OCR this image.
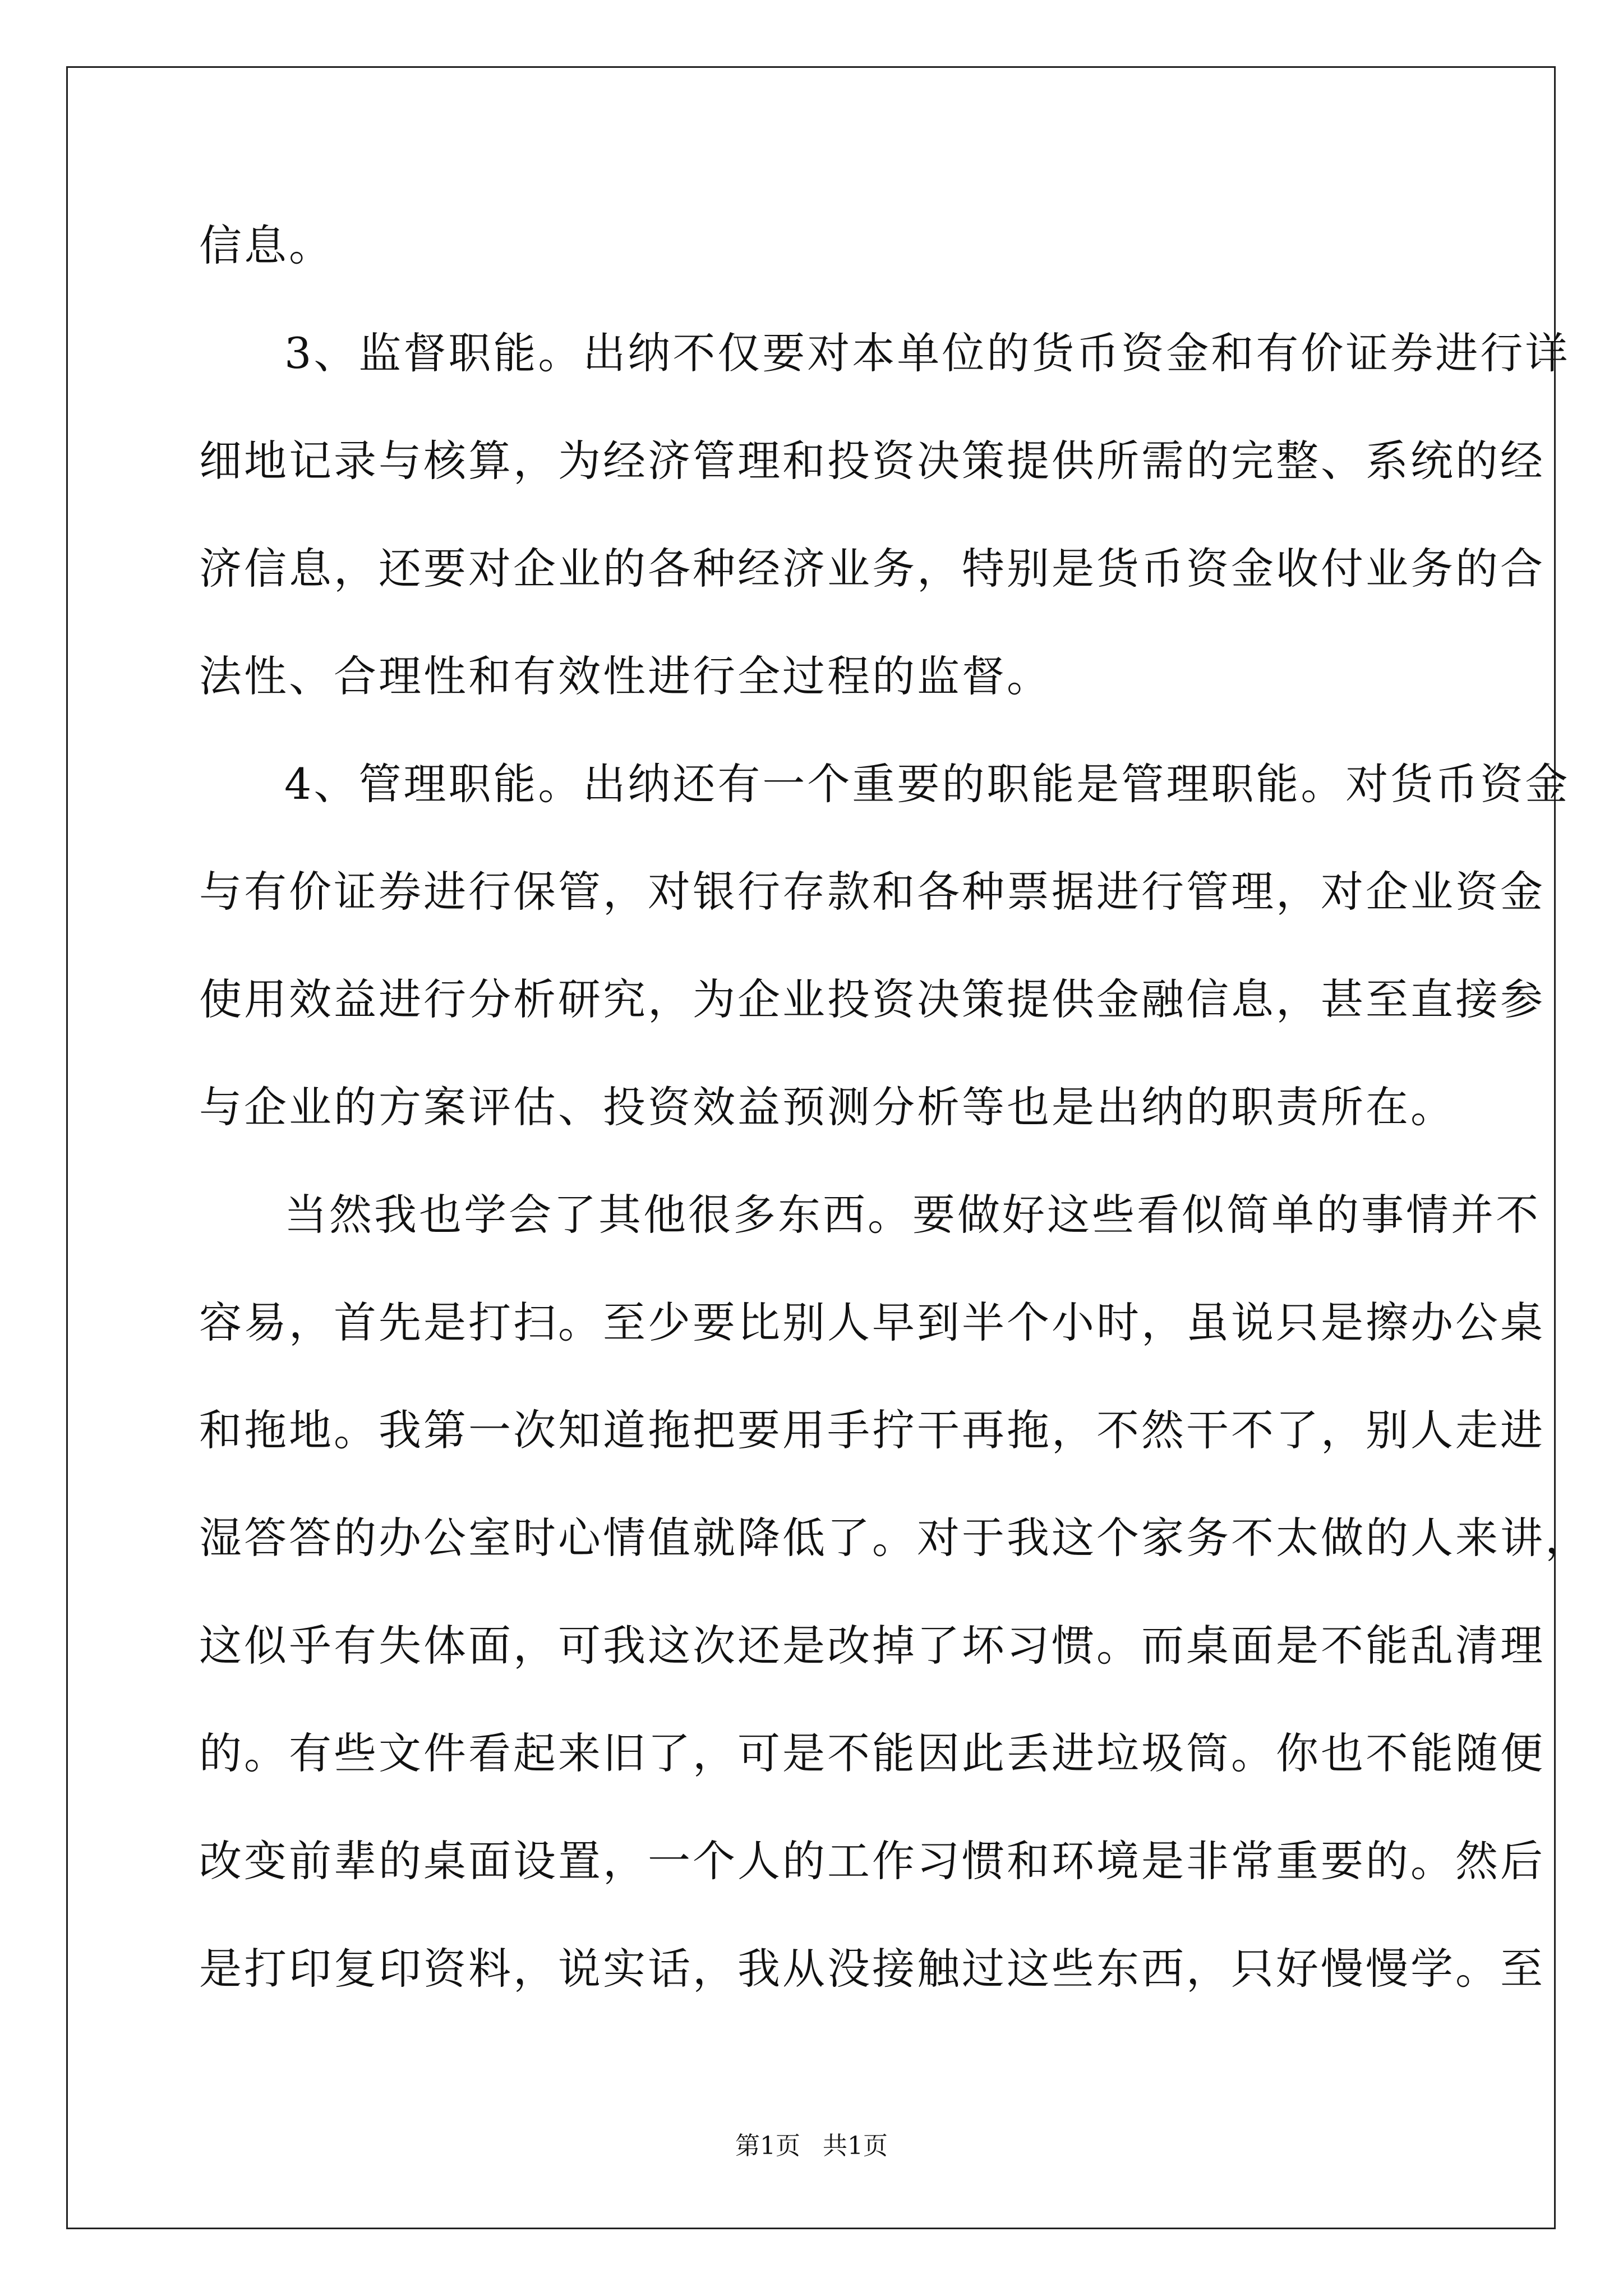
信息。
3、监督职能。出纳不仅要对本单位的货币资金和有价证券进行详
细地记录与核算，为经济管理和投资决策提供所需的完整、系统的经
济信息，还要对企业的各种经济业务，特别是货币资金收付业务的合
法性、合理性和有效性进行全过程的监督。
4、管理职能。出纳还有一个重要的职能是管理职能。对货币资金
与有价证券进行保管，对银行存款和各种票据进行管理，对企业资金
使用效益进行分析研究，为企业投资决策提供金融信息，甚至直接参
与企业的方案评估、投资效益预测分析等也是出纳的职责所在。
当然我也学会了其他很多东西。要做好这些看似简单的事情并不
容易，首先是打扫。至少要比别人早到半个小时，虽说只是擦办公桌
和拖地。我第一次知道拖把要用手拧干再拖，不然干不了，别人走进
湿答答的办公室时心情值就降低了。对于我这个家务不太做的人来讲，
这似乎有失体面，可我这次还是改掉了坏习惯。而桌面是不能乱清理
的。有些文件看起来旧了，可是不能因此丢进垃圾筒。你也不能随便
改变前辈的桌面设置，一个人的工作习惯和环境是非常重要的。然后
是打印复印资料，说实话，我从没接触过这些东西，只好慢慢学。至
第1页 共1页
